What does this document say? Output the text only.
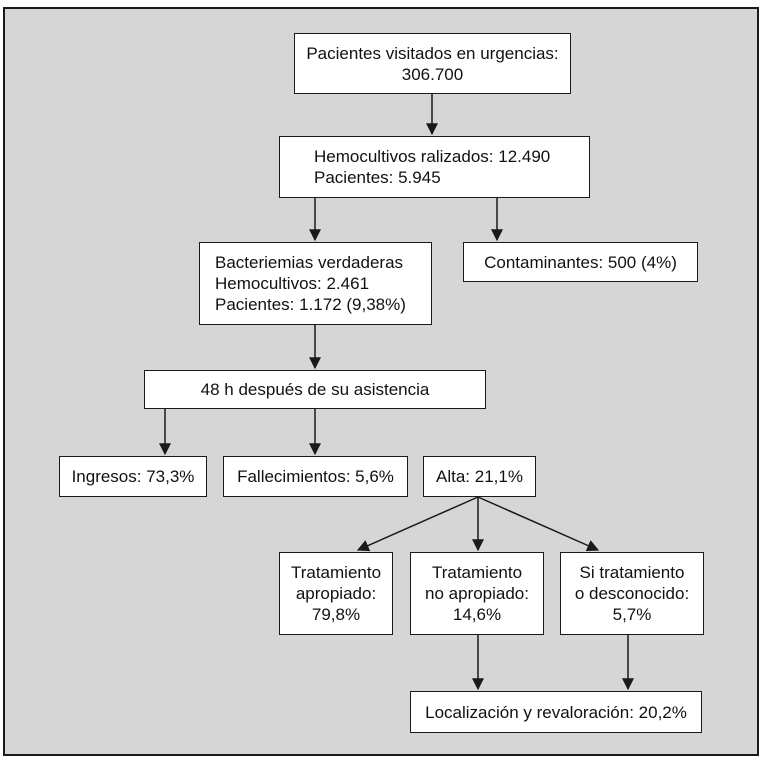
Pacientes visitados en urgencias:
306.700
Hemocultivos ralizados: 12.490
Pacientes: 5.945
Bacteriemias verdaderas
Hemocultivos: 2.461
Pacientes: 1.172 (9,38%)
Contaminantes: 500 (4%)
48 h después de su asistencia
Ingresos: 73,3%	Fallecimientos: 5,6% Alta: 21,1%
Tratamiento
apropiado:
79,8%
Tratamiento
no apropiado:
14,6%
Si tratamiento
o desconocido:
5,7%
Localización y revaloración: 20,2%
